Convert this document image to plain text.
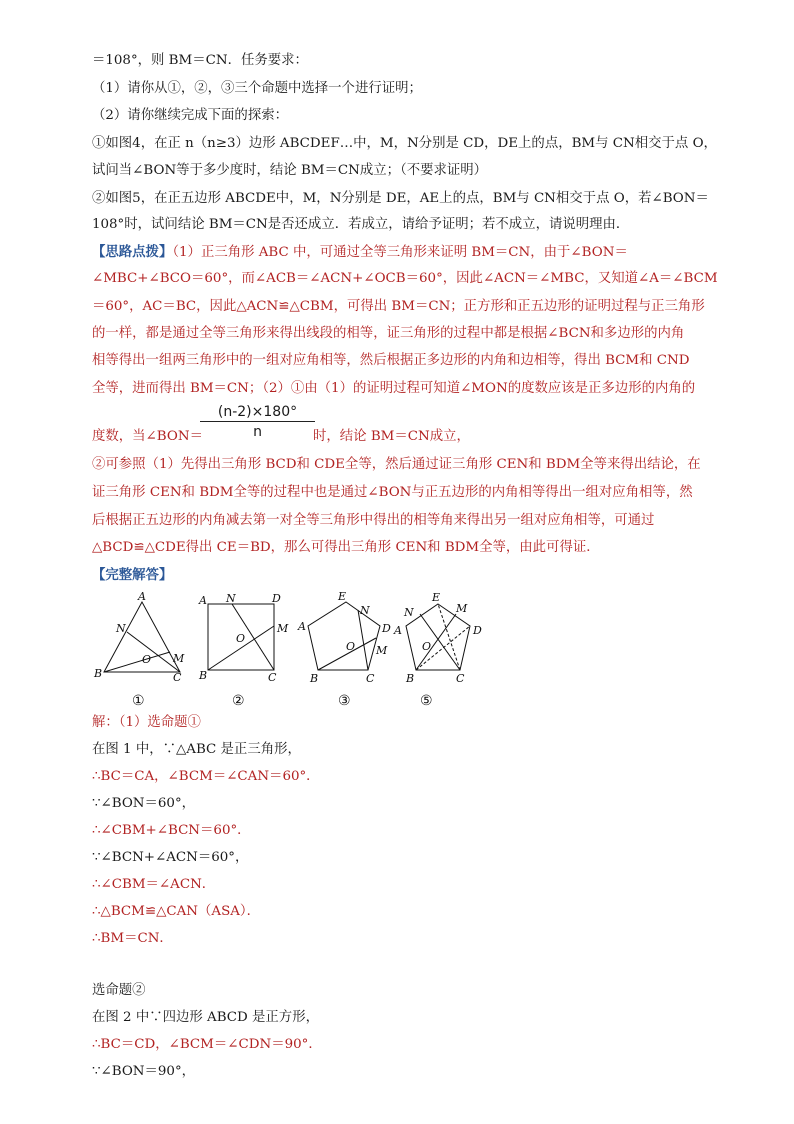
＝108°，则 BM＝CN．任务要求：
（1）请你从①，②，③三个命题中选择一个进行证明；
（2）请你继续完成下面的探索：
①如图4，在正 n（n≥3）边形 ABCDEF…中，M，N分别是 CD，DE上的点，BM与 CN相交于点 O，
试问当∠BON等于多少度时，结论 BM＝CN成立；（不要求证明）
②如图5，在正五边形 ABCDE中，M，N分别是 DE，AE上的点，BM与 CN相交于点 O，若∠BON＝
108°时，试问结论 BM＝CN是否还成立．若成立，请给予证明；若不成立，请说明理由．
【思路点拨】（1）正三角形 ABC 中，可通过全等三角形来证明 BM＝CN，由于∠BON＝
∠MBC+∠BCO＝60°，而∠ACB＝∠ACN+∠OCB＝60°，因此∠ACN＝∠MBC，又知道∠A＝∠BCM
＝60°，AC＝BC，因此△ACN≌△CBM，可得出 BM＝CN；正方形和正五边形的证明过程与正三角形
的一样，都是通过全等三角形来得出线段的相等，证三角形的过程中都是根据∠BCN和多边形的内角
相等得出一组两三角形中的一组对应角相等，然后根据正多边形的内角和边相等，得出 BCM和 CND
全等，进而得出 BM＝CN；（2）①由（1）的证明过程可知道∠MON的度数应该是正多边形的内角的
度数，当∠BON＝
$\frac{(n-2)\times 180^\circ}{n}$
时，结论 BM＝CN成立，
②可参照（1）先得出三角形 BCD和 CDE全等，然后通过证三角形 CEN和 BDM全等来得出结论，在
证三角形 CEN和 BDM全等的过程中也是通过∠BON与正五边形的内角相等得出一组对应角相等，然
后根据正五边形的内角减去第一对全等三角形中得出的相等角来得出另一组对应角相等，可通过
△BCD≌△CDE得出 CE＝BD，那么可得出三角形 CEN和 BDM全等，由此可得证．
【完整解答】
A
N
O M
B	C
①
A N	D
O
M
B	C
②
E
N
A	D
O M
B	C
③
E
N	M
A	D
O
B	C
⑤
解：（1）选命题①
在图 1 中，∵△ABC 是正三角形，
∴BC＝CA，∠BCM＝∠CAN＝60°．
∵∠BON＝60°，
∴∠CBM+∠BCN＝60°．
∵∠BCN+∠ACN＝60°，
∴∠CBM＝∠ACN．
∴△BCM≌△CAN（ASA）．
∴BM＝CN．
选命题②
在图 2 中∵四边形 ABCD 是正方形，
∴BC＝CD，∠BCM＝∠CDN＝90°．
∵∠BON＝90°，
